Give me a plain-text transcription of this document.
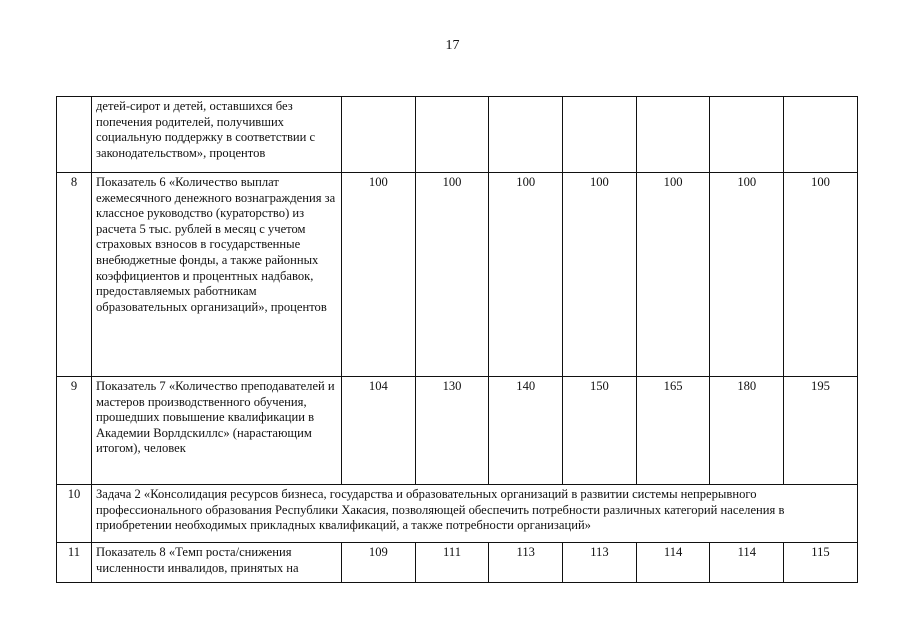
17
	детей-сирот и детей, оставшихся без попечения родителей, получивших социальную поддержку в соответствии с законодательством», процентов							
8	Показатель 6 «Количество выплат ежемесячного денежного вознаграждения за классное руководство (кураторство) из расчета 5 тыс. рублей в месяц с учетом страховых взносов в государственные внебюджетные фонды, а также районных коэффициентов и процентных надбавок, предоставляемых работникам образовательных организаций», процентов	100	100	100	100	100	100	100
9	Показатель 7 «Количество преподавателей и мастеров производственного обучения, прошедших повышение квалификации в Академии Ворлдскиллс» (нарастающим итогом), человек	104	130	140	150	165	180	195
10	Задача 2 «Консолидация ресурсов бизнеса, государства и образовательных организаций в развитии системы непрерывного профессионального образования Республики Хакасия, позволяющей обеспечить потребности различных категорий населения в приобретении необходимых прикладных квалификаций, а также потребности организаций»							
11	Показатель 8 «Темп роста/снижения численности инвалидов, принятых на	109	111	113	113	114	114	115
